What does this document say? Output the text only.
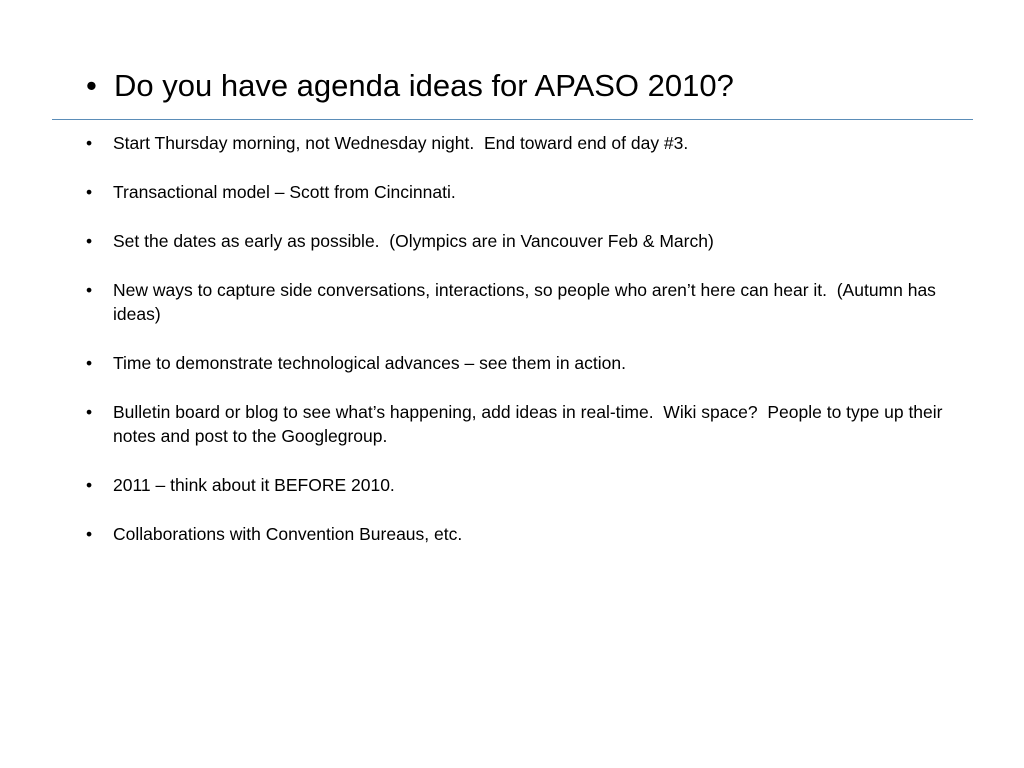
• Do you have agenda ideas for APASO 2010?
•	Start Thursday morning, not Wednesday night.  End toward end of day #3.
•	Transactional model – Scott from Cincinnati.
•	Set the dates as early as possible.  (Olympics are in Vancouver Feb & March)
•	New ways to capture side conversations, interactions, so people who aren’t here can hear it.  (Autumn has ideas)
•	Time to demonstrate technological advances – see them in action.
•	Bulletin board or blog to see what’s happening, add ideas in real-time.  Wiki space?  People to type up their notes and post to the Googlegroup.
•	2011 – think about it BEFORE 2010.
•	Collaborations with Convention Bureaus, etc.
